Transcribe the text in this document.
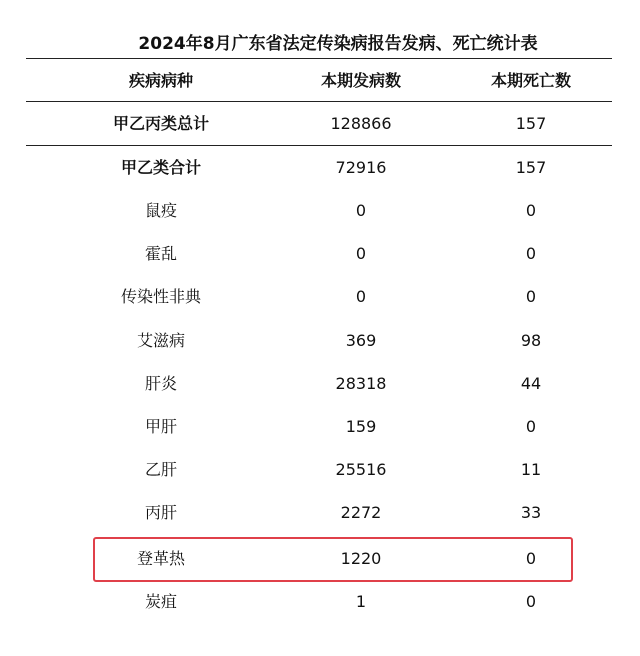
2024年8月广东省法定传染病报告发病、死亡统计表
疾病病种	本期发病数	本期死亡数
甲乙丙类总计	128866	157
甲乙类合计	72916	157
鼠疫	0	0
霍乱	0	0
传染性非典	0	0
艾滋病	369	98
肝炎	28318	44
甲肝	159	0
乙肝	25516	11
丙肝	2272	33
登革热	1220	0
炭疽	1	0
